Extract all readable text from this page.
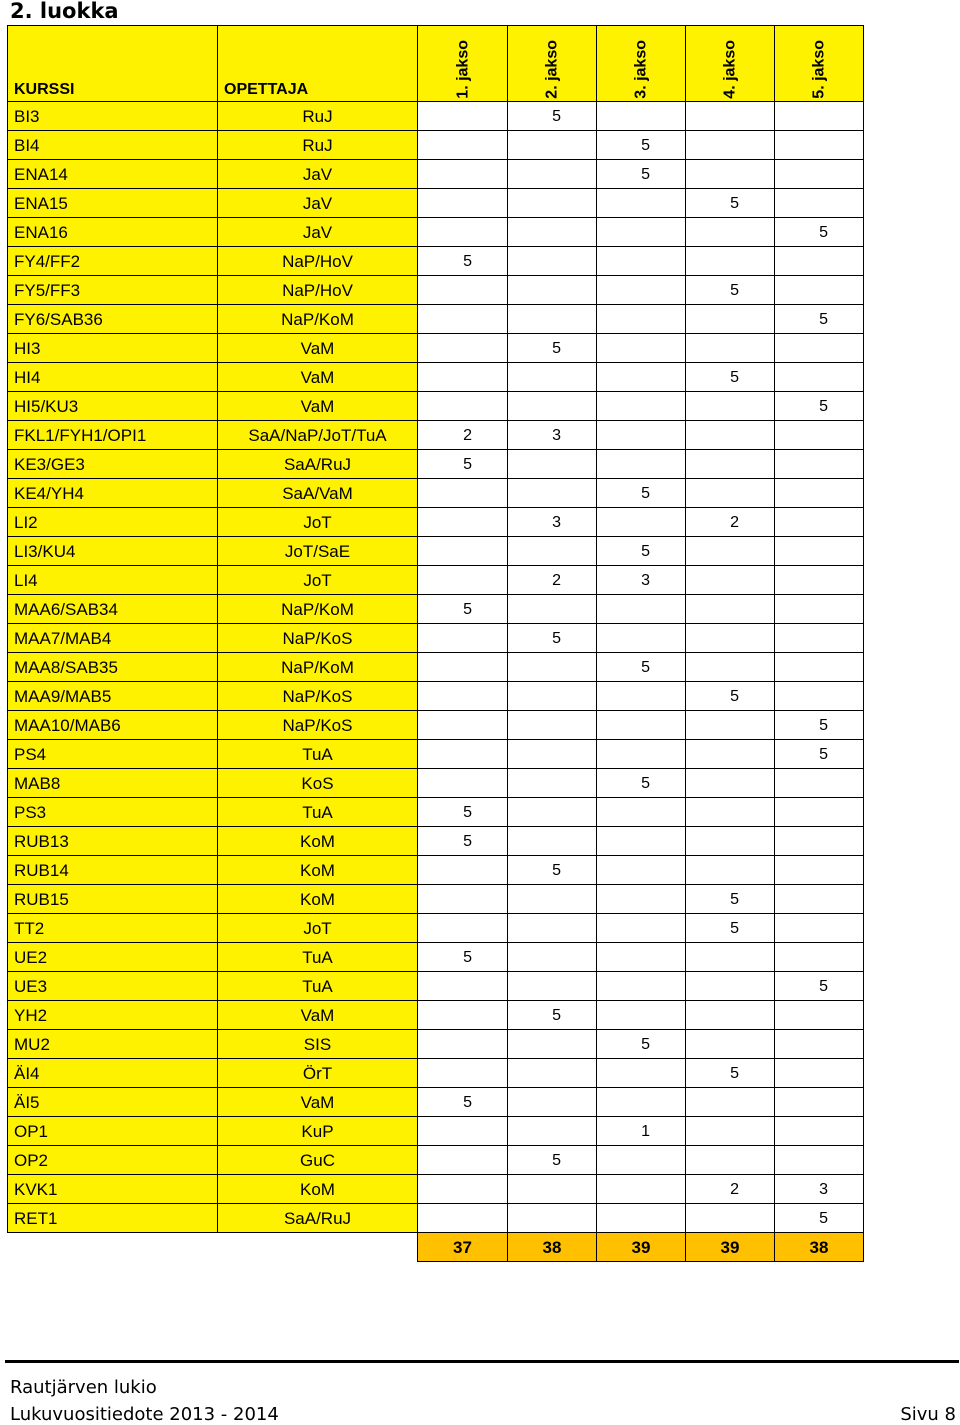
2. luokka
KURSSI	OPETTAJA	1. jakso	2. jakso	3. jakso	4. jakso	5. jakso

BI3	RuJ		5			
BI4	RuJ			5		
ENA14	JaV			5		
ENA15	JaV				5	
ENA16	JaV					5
FY4/FF2	NaP/HoV	5				
FY5/FF3	NaP/HoV				5	
FY6/SAB36	NaP/KoM					5
HI3	VaM		5			
HI4	VaM				5	
HI5/KU3	VaM					5
FKL1/FYH1/OPI1	SaA/NaP/JoT/TuA	2	3			
KE3/GE3	SaA/RuJ	5				
KE4/YH4	SaA/VaM			5		
LI2	JoT		3		2	
LI3/KU4	JoT/SaE			5		
LI4	JoT		2	3		
MAA6/SAB34	NaP/KoM	5				
MAA7/MAB4	NaP/KoS		5			
MAA8/SAB35	NaP/KoM			5		
MAA9/MAB5	NaP/KoS				5	
MAA10/MAB6	NaP/KoS					5
PS4	TuA					5
MAB8	KoS			5		
PS3	TuA	5				
RUB13	KoM	5				
RUB14	KoM		5			
RUB15	KoM				5	
TT2	JoT				5	
UE2	TuA	5				
UE3	TuA					5
YH2	VaM		5			
MU2	SIS			5		
ÄI4	ÖrT				5	
ÄI5	VaM	5				
OP1	KuP			1		
OP2	GuC		5			
KVK1	KoM				2	3
RET1	SaA/RuJ					5
		37	38	39	39	38
Rautjärven lukio
Lukuvuositiedote 2013 - 2014	Sivu 8
